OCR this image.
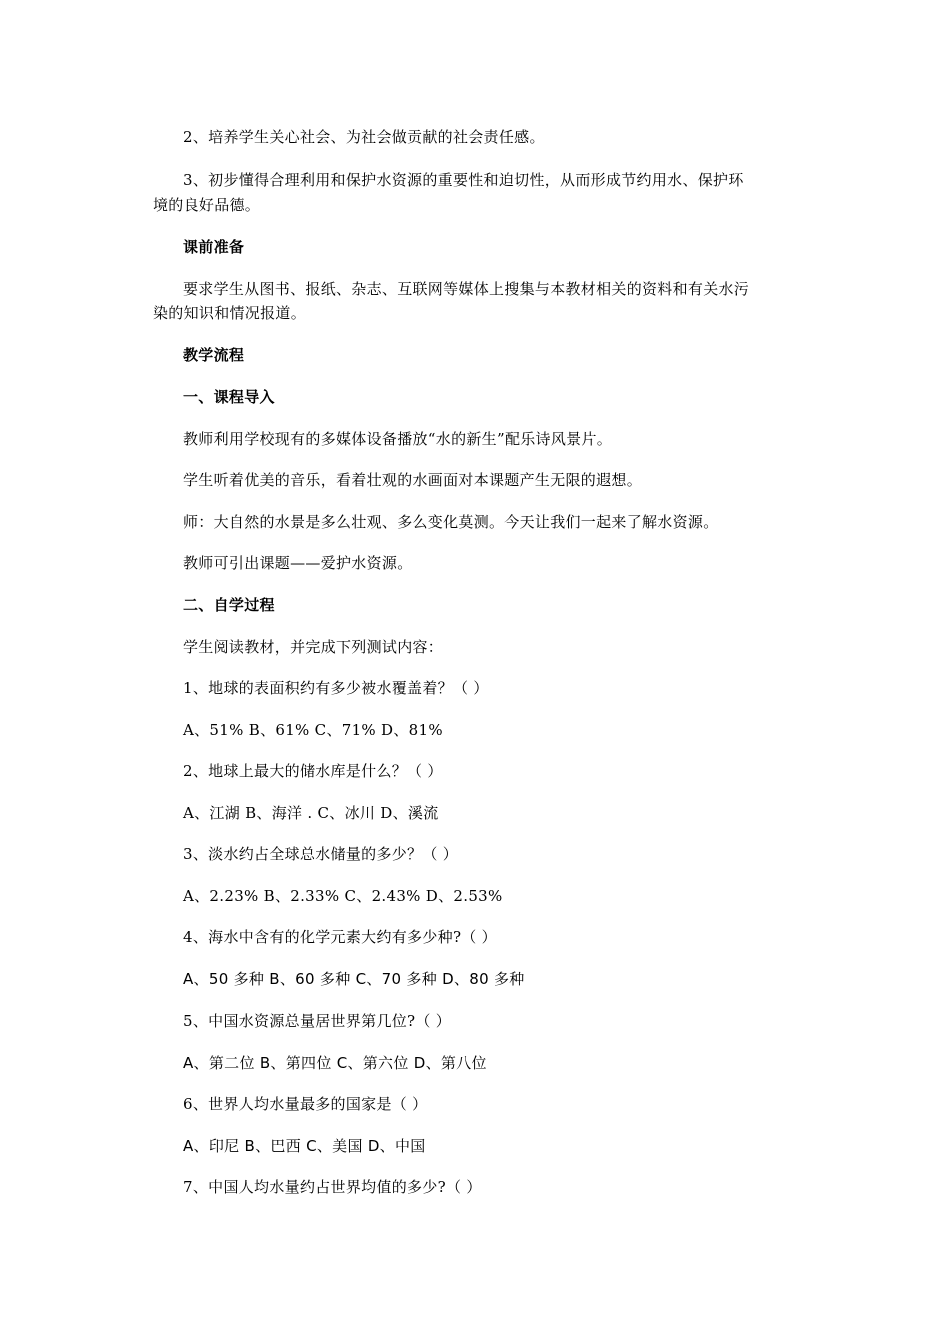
2、培养学生关心社会、为社会做贡献的社会责任感。
3、初步懂得合理利用和保护水资源的重要性和迫切性，从而形成节约用水、保护环
境的良好品德。
课前准备
要求学生从图书、报纸、杂志、互联网等媒体上搜集与本教材相关的资料和有关水污
染的知识和情况报道。
教学流程
一、课程导入
教师利用学校现有的多媒体设备播放“水的新生”配乐诗风景片。
学生听着优美的音乐，看着壮观的水画面对本课题产生无限的遐想。
师：大自然的水景是多么壮观、多么变化莫测。今天让我们一起来了解水资源。
教师可引出课题——爱护水资源。
二、自学过程
学生阅读教材，并完成下列测试内容：
1、地球的表面积约有多少被水覆盖着？（ ）
A、51% B、61% C、71% D、81%
2、地球上最大的储水库是什么？（ ）
A、江湖 B、海洋 . C、冰川 D、溪流
3、淡水约占全球总水储量的多少？（ ）
A、2.23% B、2.33% C、2.43% D、2.53%
4、海水中含有的化学元素大约有多少种?（ ）
A、50 多种 B、60 多种 C、70 多种 D、80 多种
5、中国水资源总量居世界第几位?（ ）
A、第二位 B、第四位 C、第六位 D、第八位
6、世界人均水量最多的国家是（ ）
A、印尼 B、巴西 C、美国 D、中国
7、中国人均水量约占世界均值的多少?（ ）
